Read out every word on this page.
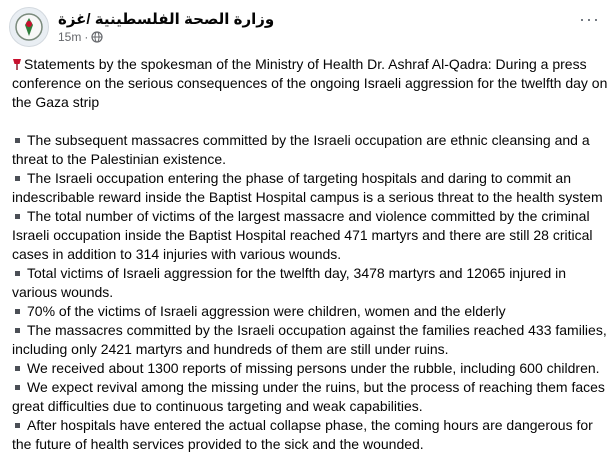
وزارة الصحة الفلسطينية /غزة
15m ·
···

Statements by the spokesman of the Ministry of Health Dr. Ashraf Al-Qadra: During a press conference on the serious consequences of the ongoing Israeli aggression for the twelfth day on the Gaza strip

The subsequent massacres committed by the Israeli occupation are ethnic cleansing and a threat to the Palestinian existence.

The Israeli occupation entering the phase of targeting hospitals and daring to commit an indescribable reward inside the Baptist Hospital campus is a serious threat to the health system

The total number of victims of the largest massacre and violence committed by the criminal Israeli occupation inside the Baptist Hospital reached 471 martyrs and there are still 28 critical cases in addition to 314 injuries with various wounds.

Total victims of Israeli aggression for the twelfth day, 3478 martyrs and 12065 injured in various wounds.

70% of the victims of Israeli aggression were children, women and the elderly

The massacres committed by the Israeli occupation against the families reached 433 families, including only 2421 martyrs and hundreds of them are still under ruins.

We received about 1300 reports of missing persons under the rubble, including 600 children.

We expect revival among the missing under the ruins, but the process of reaching them faces great difficulties due to continuous targeting and weak capabilities.

After hospitals have entered the actual collapse phase, the coming hours are dangerous for the future of health services provided to the sick and the wounded.
